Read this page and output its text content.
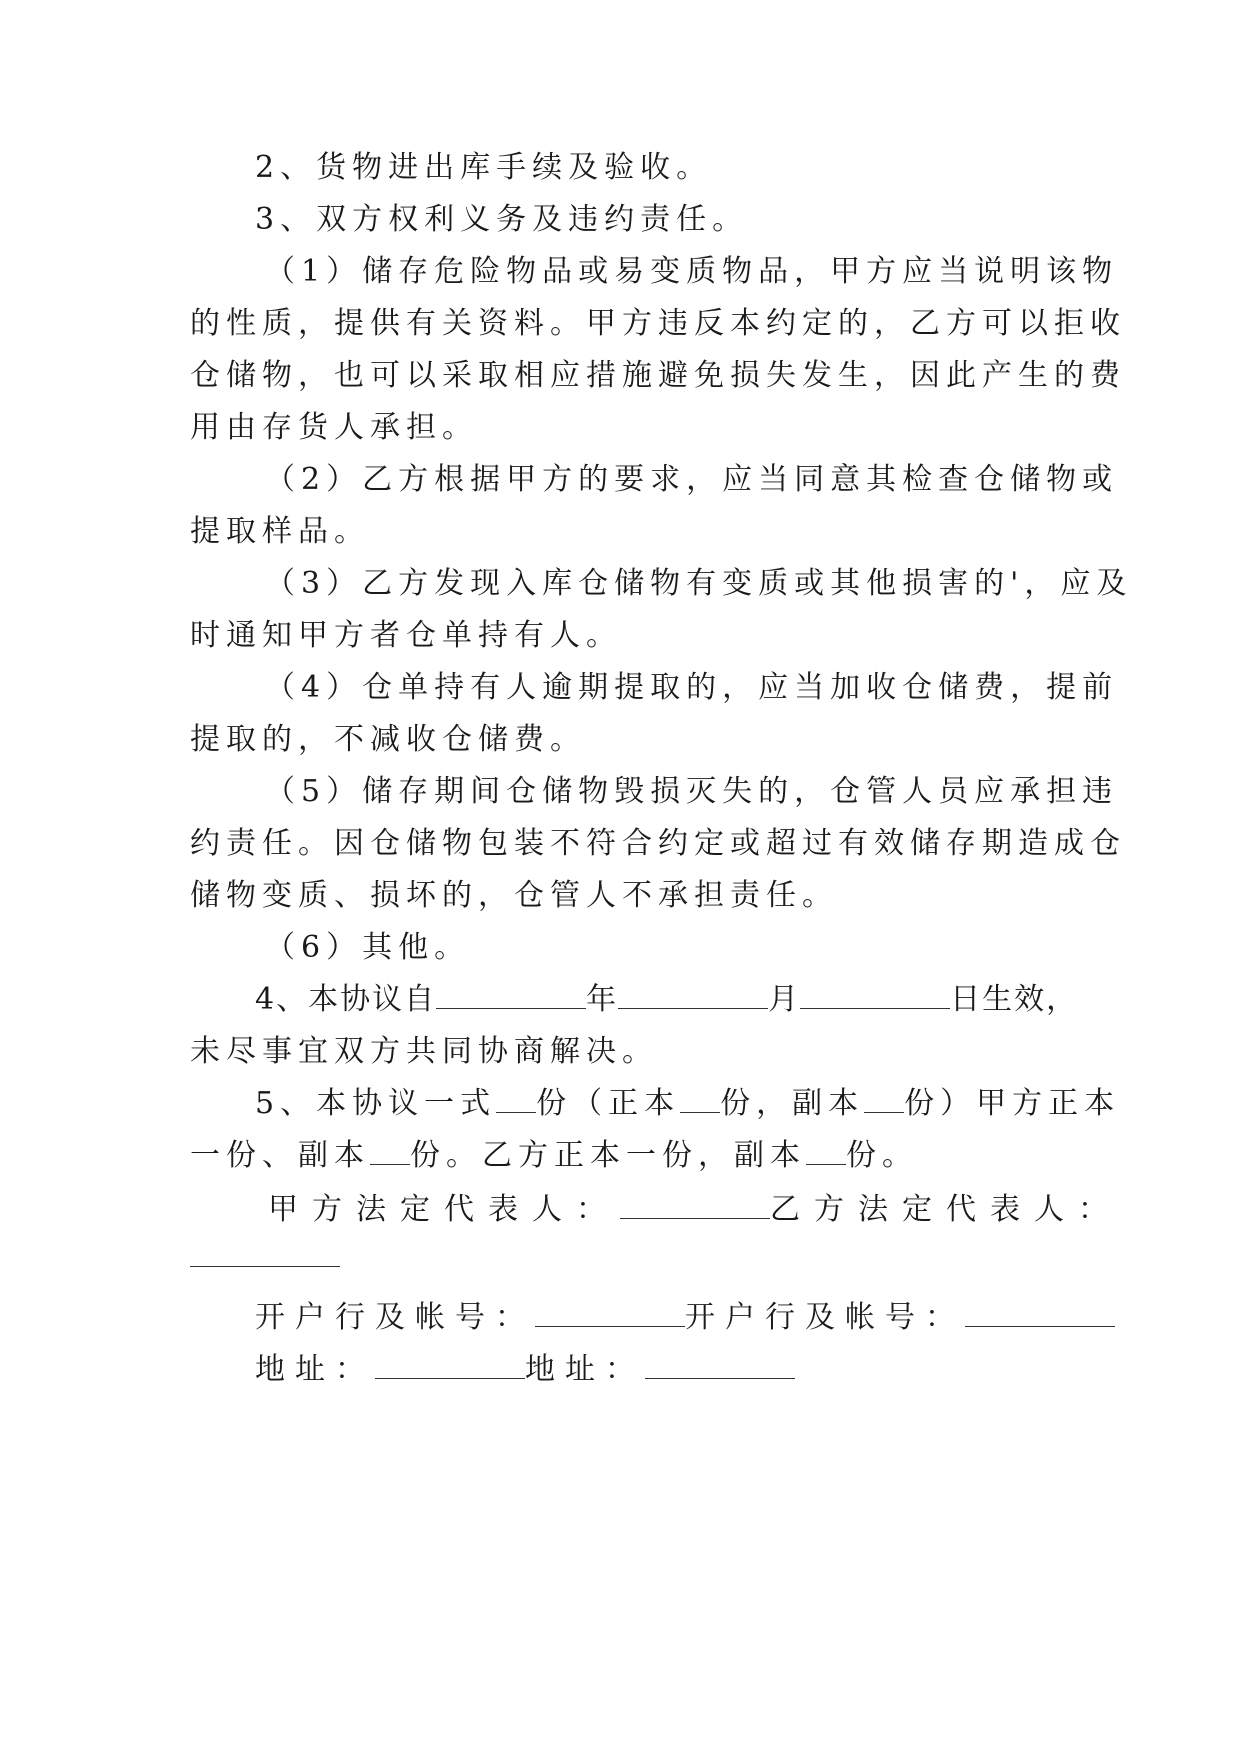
2、货物进出库手续及验收。
3、双方权利义务及违约责任。
（1）储存危险物品或易变质物品，甲方应当说明该物
的性质，提供有关资料。甲方违反本约定的，乙方可以拒收
仓储物，也可以采取相应措施避免损失发生，因此产生的费
用由存货人承担。
（2）乙方根据甲方的要求，应当同意其检查仓储物或
提取样品。
（3）乙方发现入库仓储物有变质或其他损害的'，应及
时通知甲方者仓单持有人。
（4）仓单持有人逾期提取的，应当加收仓储费，提前
提取的，不减收仓储费。
（5）储存期间仓储物毁损灭失的，仓管人员应承担违
约责任。因仓储物包装不符合约定或超过有效储存期造成仓
储物变质、损坏的，仓管人不承担责任。
（6）其他。
4、本协议自	年	月	日生效，
未尽事宜双方共同协商解决。
5、本协议一式 份（正本 份，副本 份）甲方正本
一份、副本 份。乙方正本一份，副本 份。
甲方法定代表人：	乙方法定代表人：
开户行及帐号：	开户行及帐号：
地址：	地址：
